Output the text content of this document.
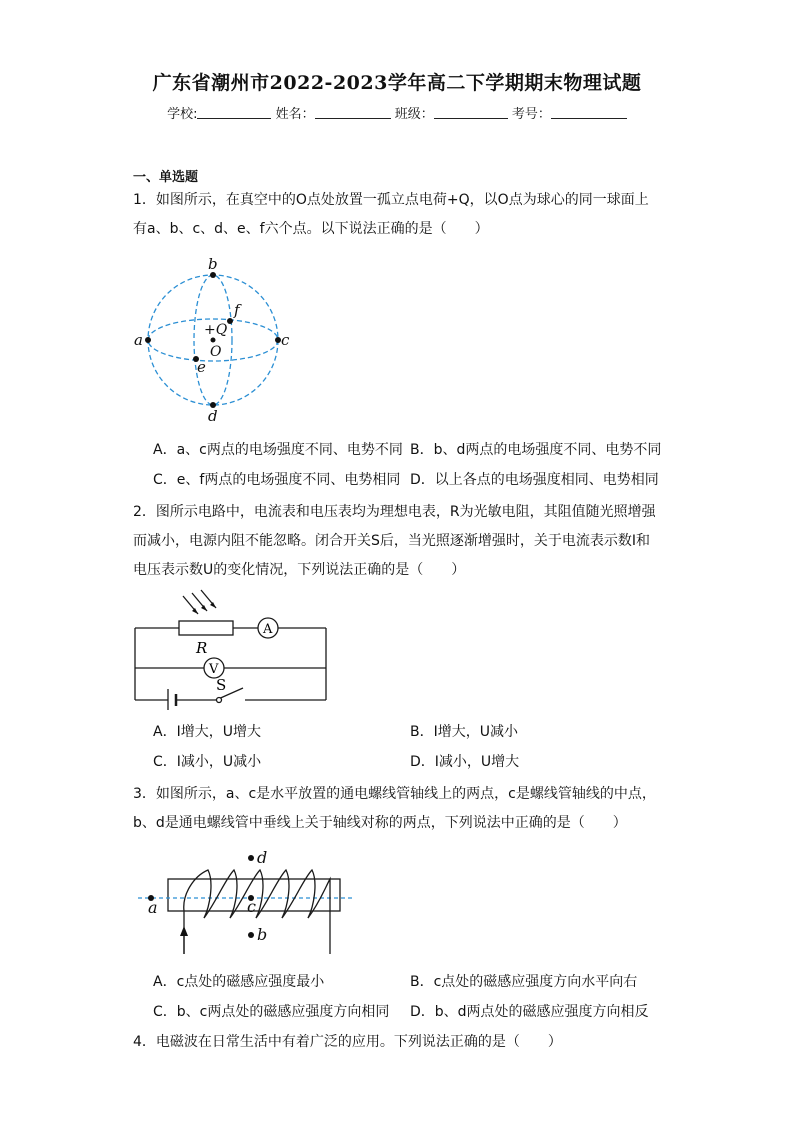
广东省潮州市2022-2023学年高二下学期期末物理试题
学校:	姓名：	班级：	考号：
一、单选题
1．如图所示，在真空中的O点处放置一孤立点电荷+Q，以O点为球心的同一球面上
有a、b、c、d、e、f六个点。以下说法正确的是（　　）
a	c
b
d
e
f
+Q
O
A．a、c两点的电场强度不同、电势不同 B．b、d两点的电场强度不同、电势不同
C．e、f两点的电场强度不同、电势相同 D．以上各点的电场强度相同、电势相同
2．图所示电路中，电流表和电压表均为理想电表，R为光敏电阻，其阻值随光照增强
而减小，电源内阻不能忽略。闭合开关S后，当光照逐渐增强时，关于电流表示数I和
电压表示数U的变化情况，下列说法正确的是（　　）
R
A
V
S
A．I增大，U增大	B．I增大，U减小
C．I减小，U减小	D．I减小，U增大
3．如图所示，a、c是水平放置的通电螺线管轴线上的两点，c是螺线管轴线的中点，
b、d是通电螺线管中垂线上关于轴线对称的两点，下列说法中正确的是（　　）
a	c
d
b
A．c点处的磁感应强度最小	B．c点处的磁感应强度方向水平向右
C．b、c两点处的磁感应强度方向相同 D．b、d两点处的磁感应强度方向相反
4．电磁波在日常生活中有着广泛的应用。下列说法正确的是（　　）
